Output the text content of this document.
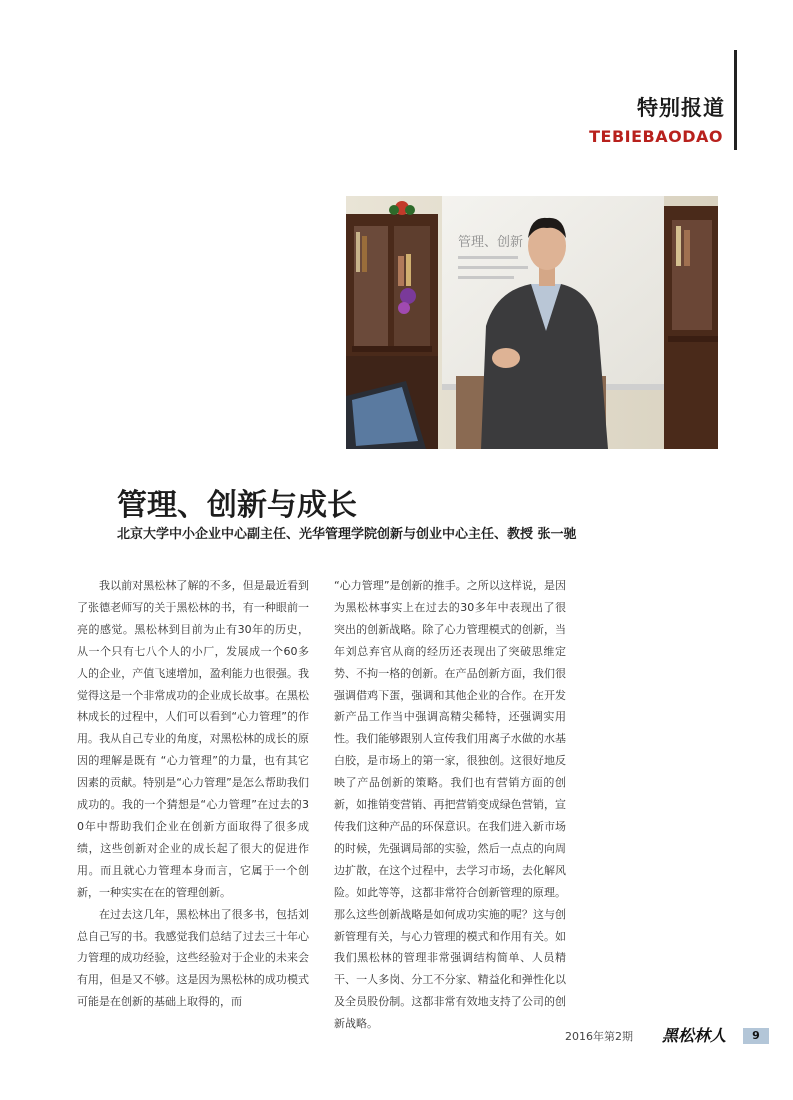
特别报道
TEBIEBAODAO
管理、创新
管理、创新与成长
北京大学中小企业中心副主任、光华管理学院创新与创业中心主任、教授 张一驰

我以前对黑松林了解的不多，但是最近看到了张德老师写的关于黑松林的书，有一种眼前一亮的感觉。黑松林到目前为止有30年的历史，从一个只有七八个人的小厂，发展成一个60多人的企业，产值飞速增加，盈利能力也很强。我觉得这是一个非常成功的企业成长故事。在黑松林成长的过程中，人们可以看到“心力管理”的作用。我从自己专业的角度，对黑松林的成长的原因的理解是既有 “心力管理”的力量，也有其它因素的贡献。特别是“心力管理”是怎么帮助我们成功的。我的一个猜想是“心力管理”在过去的30年中帮助我们企业在创新方面取得了很多成绩，这些创新对企业的成长起了很大的促进作用。而且就心力管理本身而言，它属于一个创新，一种实实在在的管理创新。

在过去这几年，黑松林出了很多书，包括刘总自己写的书。我感觉我们总结了过去三十年心力管理的成功经验，这些经验对于企业的未来会有用，但是又不够。这是因为黑松林的成功模式可能是在创新的基础上取得的，而

“心力管理”是创新的推手。之所以这样说，是因为黑松林事实上在过去的30多年中表现出了很突出的创新战略。除了心力管理模式的创新，当年刘总弃官从商的经历还表现出了突破思维定势、不拘一格的创新。在产品创新方面，我们很强调借鸡下蛋，强调和其他企业的合作。在开发新产品工作当中强调高精尖稀特，还强调实用性。我们能够跟别人宣传我们用离子水做的水基白胶，是市场上的第一家，很独创。这很好地反映了产品创新的策略。我们也有营销方面的创新，如推销变营销、再把营销变成绿色营销，宣传我们这种产品的环保意识。在我们进入新市场的时候，先强调局部的实验，然后一点点的向周边扩散，在这个过程中，去学习市场，去化解风险。如此等等，这都非常符合创新管理的原理。那么这些创新战略是如何成功实施的呢？这与创新管理有关，与心力管理的模式和作用有关。如我们黑松林的管理非常强调结构简单、人员精干、一人多岗、分工不分家、精益化和弹性化以及全员股份制。这都非常有效地支持了公司的创新战略。

2016年第2期 黑松林人	9
